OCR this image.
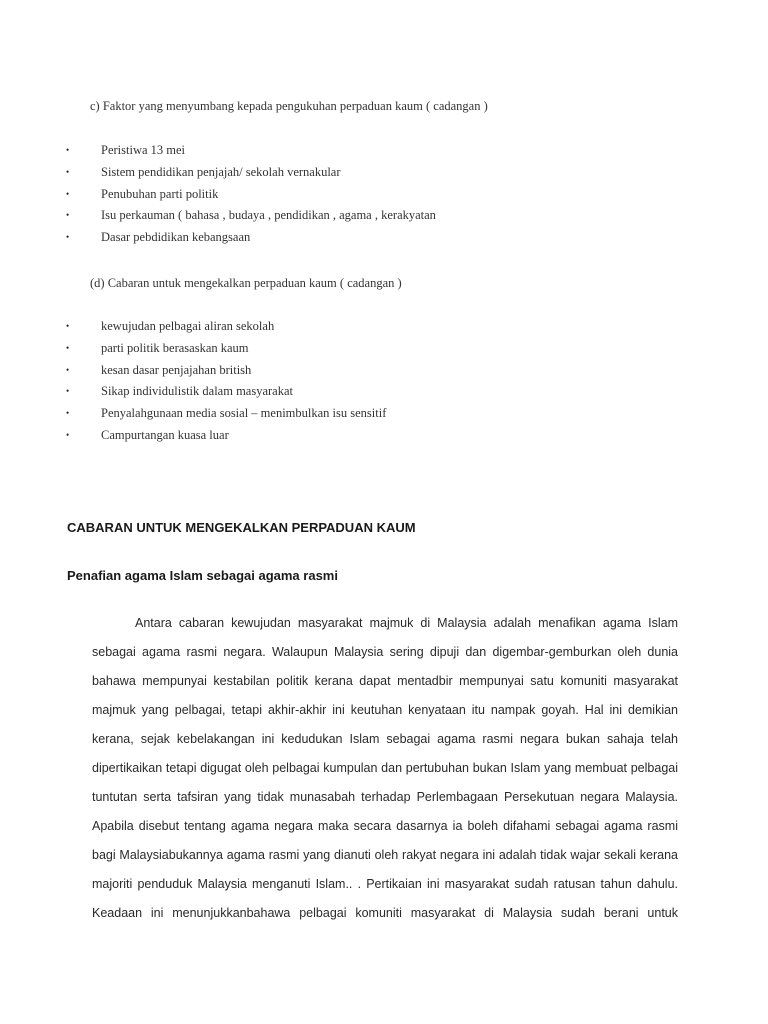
c) Faktor yang menyumbang kepada pengukuhan perpaduan kaum ( cadangan )
•	Peristiwa 13 mei
•	Sistem pendidikan penjajah/ sekolah vernakular
•	Penubuhan parti politik
•	Isu perkauman ( bahasa , budaya , pendidikan , agama , kerakyatan
•	Dasar pebdidikan kebangsaan
(d) Cabaran untuk mengekalkan perpaduan kaum ( cadangan )
•	kewujudan pelbagai aliran sekolah
•	parti politik berasaskan kaum
•	kesan dasar penjajahan british
•	Sikap individulistik dalam masyarakat
•	Penyalahgunaan media sosial – menimbulkan isu sensitif
•	Campurtangan kuasa luar
CABARAN UNTUK MENGEKALKAN PERPADUAN KAUM
Penafian agama Islam sebagai agama rasmi
Antara cabaran kewujudan masyarakat majmuk di Malaysia adalah menafikan agama Islam
sebagai agama rasmi negara. Walaupun Malaysia sering dipuji dan digembar-gemburkan oleh dunia
bahawa mempunyai kestabilan politik kerana dapat mentadbir mempunyai satu komuniti masyarakat
majmuk yang pelbagai, tetapi akhir-akhir ini keutuhan kenyataan itu nampak goyah. Hal ini demikian
kerana, sejak kebelakangan ini kedudukan Islam sebagai agama rasmi negara bukan sahaja telah
dipertikaikan tetapi digugat oleh pelbagai kumpulan dan pertubuhan bukan Islam yang membuat pelbagai
tuntutan serta tafsiran yang tidak munasabah terhadap Perlembagaan Persekutuan negara Malaysia.
Apabila disebut tentang agama negara maka secara dasarnya ia boleh difahami sebagai agama rasmi
bagi Malaysiabukannya agama rasmi yang dianuti oleh rakyat negara ini adalah tidak wajar sekali kerana
majoriti penduduk Malaysia menganuti Islam.. . Pertikaian ini masyarakat sudah ratusan tahun dahulu.
Keadaan ini menunjukkanbahawa pelbagai komuniti masyarakat di Malaysia sudah berani untuk
